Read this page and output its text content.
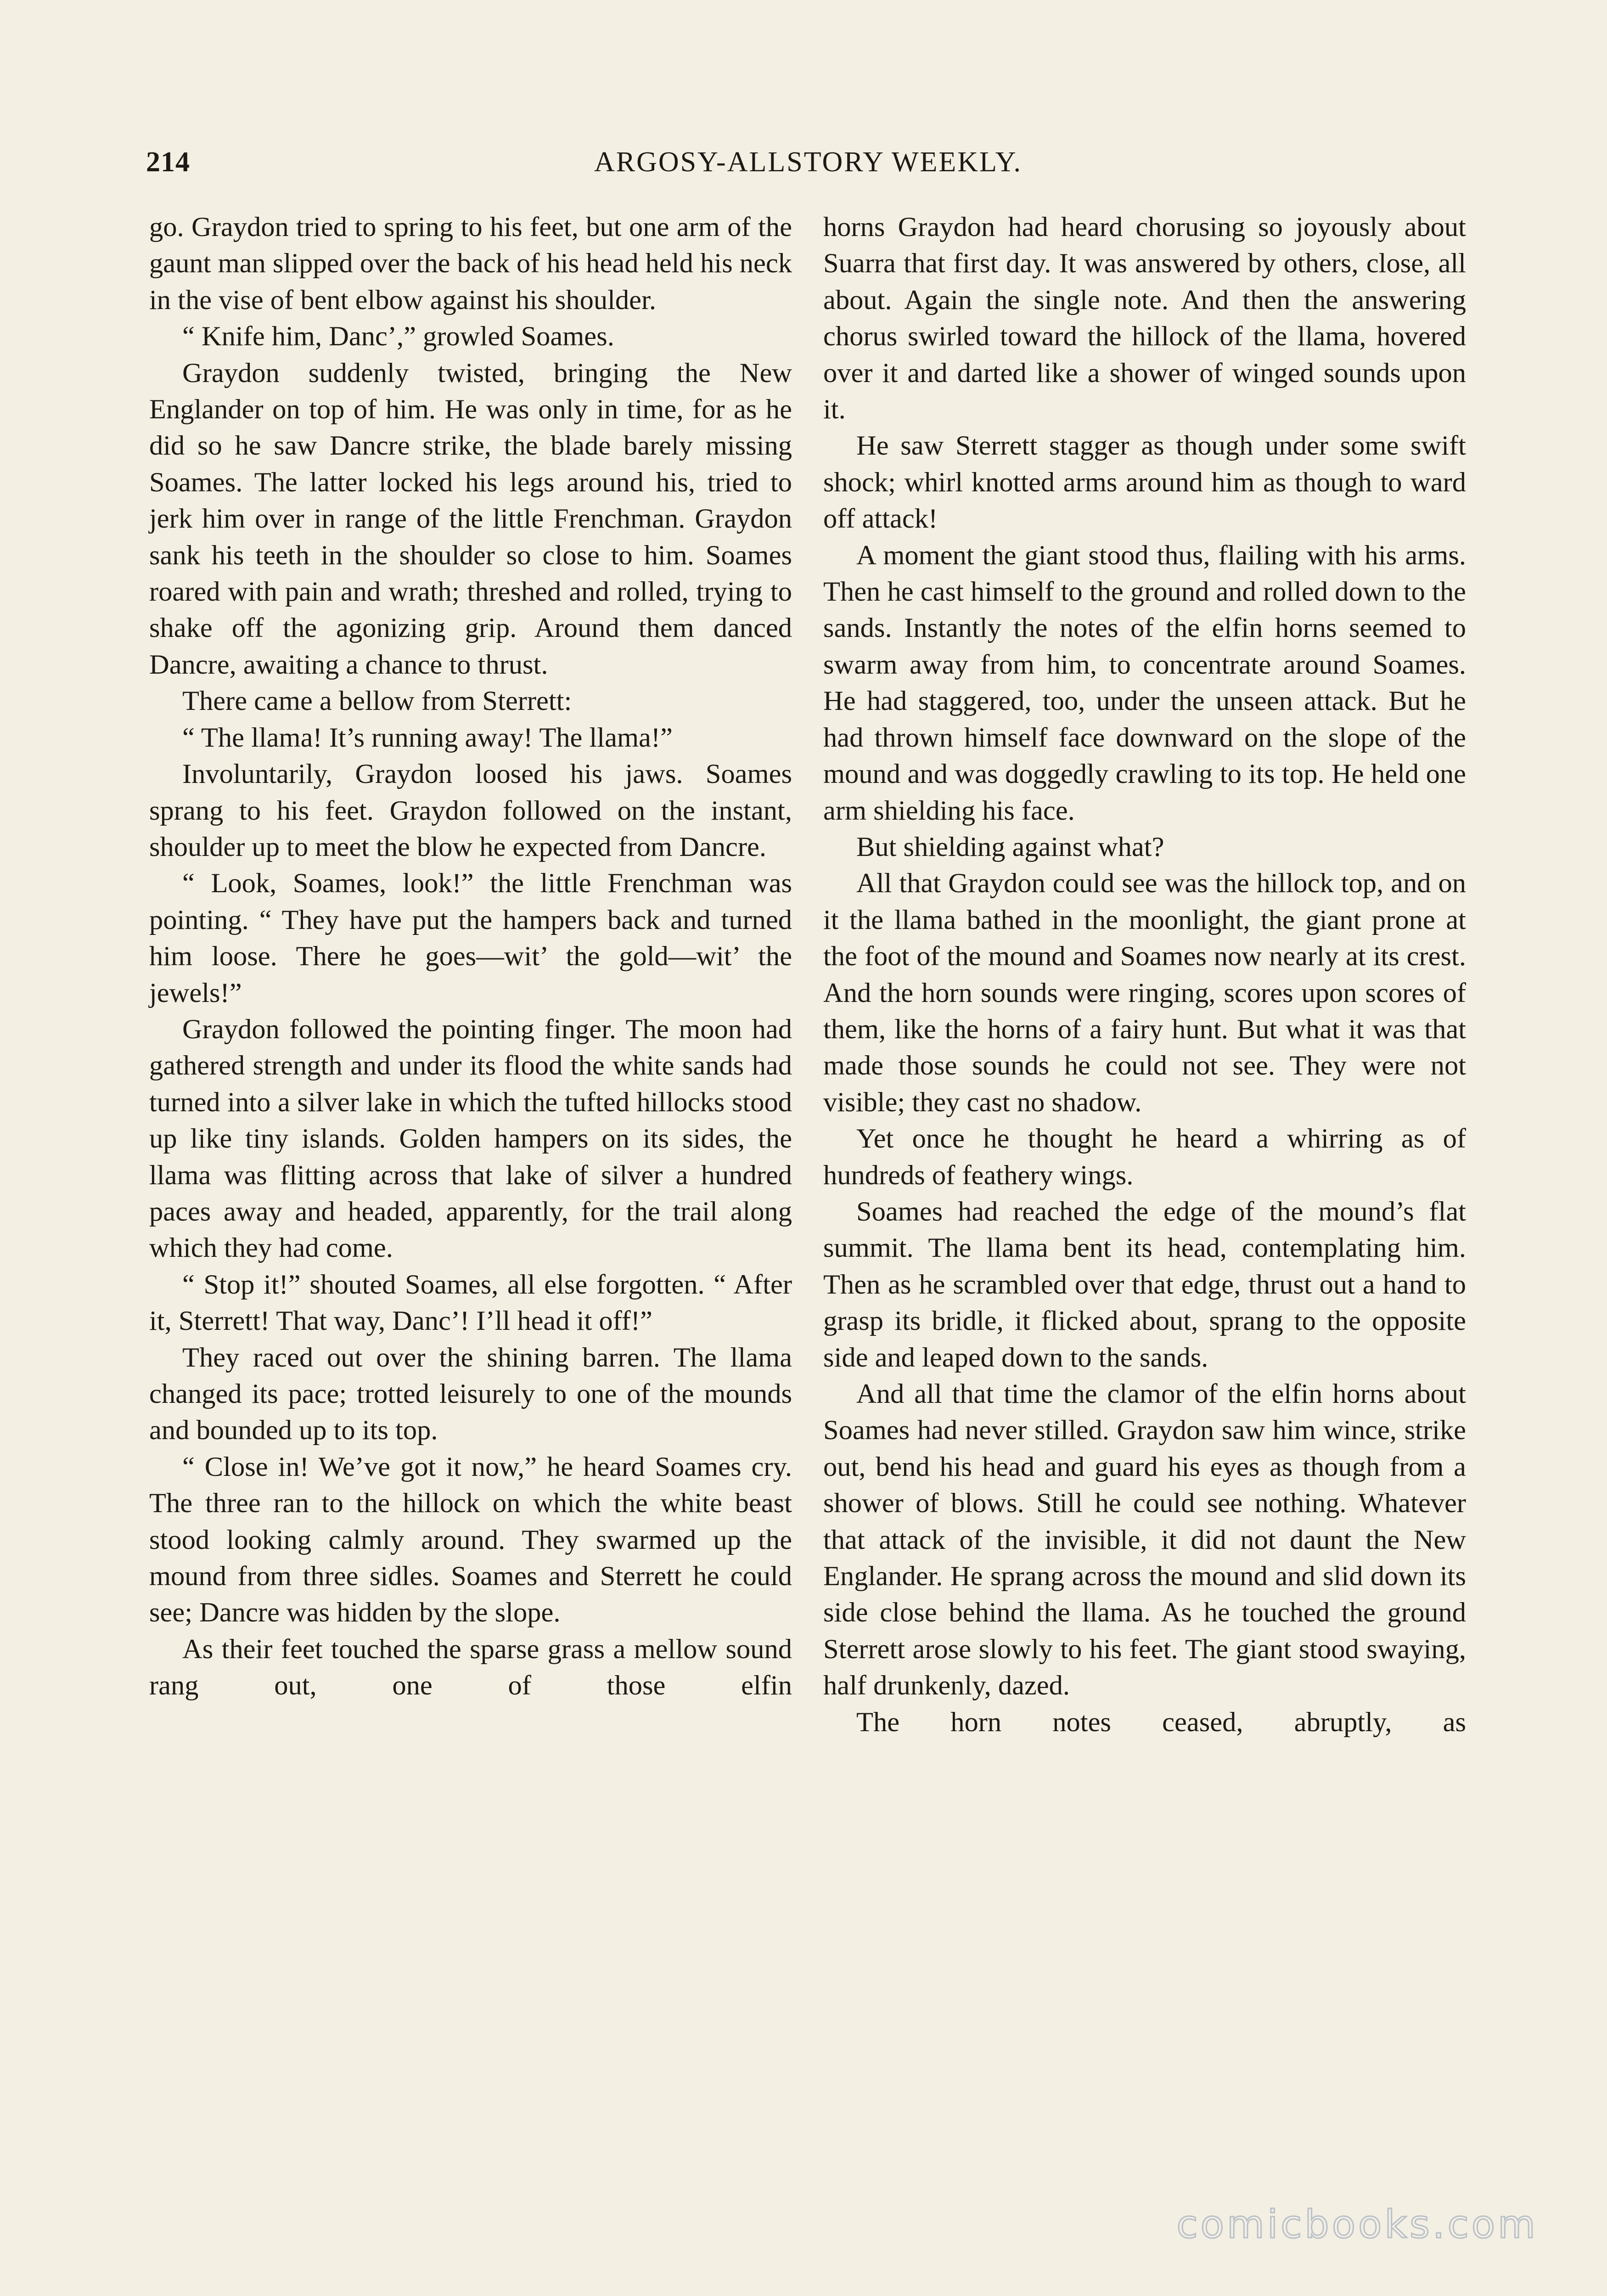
214	ARGOSY-ALLSTORY WEEKLY.

go. Graydon tried to spring to his feet, but one arm of the gaunt man slipped over the back of his head held his neck in the vise of bent elbow against his shoulder.

“ Knife him, Danc’,” growled Soames.

Graydon suddenly twisted, bringing the New Englander on top of him. He was only in time, for as he did so he saw Dancre strike, the blade barely missing Soames. The latter locked his legs around his, tried to jerk him over in range of the little Frenchman. Graydon sank his teeth in the shoulder so close to him. Soames roared with pain and wrath; threshed and rolled, trying to shake off the agonizing grip. Around them danced Dancre, awaiting a chance to thrust.

There came a bellow from Sterrett:

“ The llama! It’s running away! The llama!”

Involuntarily, Graydon loosed his jaws. Soames sprang to his feet. Graydon followed on the instant, shoulder up to meet the blow he expected from Dancre.

“ Look, Soames, look!” the little Frenchman was pointing. “ They have put the hampers back and turned him loose. There he goes—wit’ the gold—wit’ the jewels!”

Graydon followed the pointing finger. The moon had gathered strength and under its flood the white sands had turned into a silver lake in which the tufted hillocks stood up like tiny islands. Golden hampers on its sides, the llama was flitting across that lake of silver a hundred paces away and headed, apparently, for the trail along which they had come.

“ Stop it!” shouted Soames, all else forgotten. “ After it, Sterrett! That way, Danc’! I’ll head it off!”

They raced out over the shining barren. The llama changed its pace; trotted leisurely to one of the mounds and bounded up to its top.

“ Close in! We’ve got it now,” he heard Soames cry. The three ran to the hillock on which the white beast stood looking calmly around. They swarmed up the mound from three sidles. Soames and Sterrett he could see; Dancre was hidden by the slope.

As their feet touched the sparse grass a mellow sound rang out, one of those elfin

horns Graydon had heard chorusing so joyously about Suarra that first day. It was answered by others, close, all about. Again the single note. And then the answering chorus swirled toward the hillock of the llama, hovered over it and darted like a shower of winged sounds upon it.

He saw Sterrett stagger as though under some swift shock; whirl knotted arms around him as though to ward off attack!

A moment the giant stood thus, flailing with his arms. Then he cast himself to the ground and rolled down to the sands. Instantly the notes of the elfin horns seemed to swarm away from him, to concentrate around Soames. He had staggered, too, under the unseen attack. But he had thrown himself face downward on the slope of the mound and was doggedly crawling to its top. He held one arm shielding his face.

But shielding against what?

All that Graydon could see was the hillock top, and on it the llama bathed in the moonlight, the giant prone at the foot of the mound and Soames now nearly at its crest. And the horn sounds were ringing, scores upon scores of them, like the horns of a fairy hunt. But what it was that made those sounds he could not see. They were not visible; they cast no shadow.

Yet once he thought he heard a whirring as of hundreds of feathery wings.

Soames had reached the edge of the mound’s flat summit. The llama bent its head, contemplating him. Then as he scrambled over that edge, thrust out a hand to grasp its bridle, it flicked about, sprang to the opposite side and leaped down to the sands.

And all that time the clamor of the elfin horns about Soames had never stilled. Graydon saw him wince, strike out, bend his head and guard his eyes as though from a shower of blows. Still he could see nothing. Whatever that attack of the invisible, it did not daunt the New Englander. He sprang across the mound and slid down its side close behind the llama. As he touched the ground Sterrett arose slowly to his feet. The giant stood swaying, half drunkenly, dazed.

The horn notes ceased, abruptly, as

comicbooks.com
